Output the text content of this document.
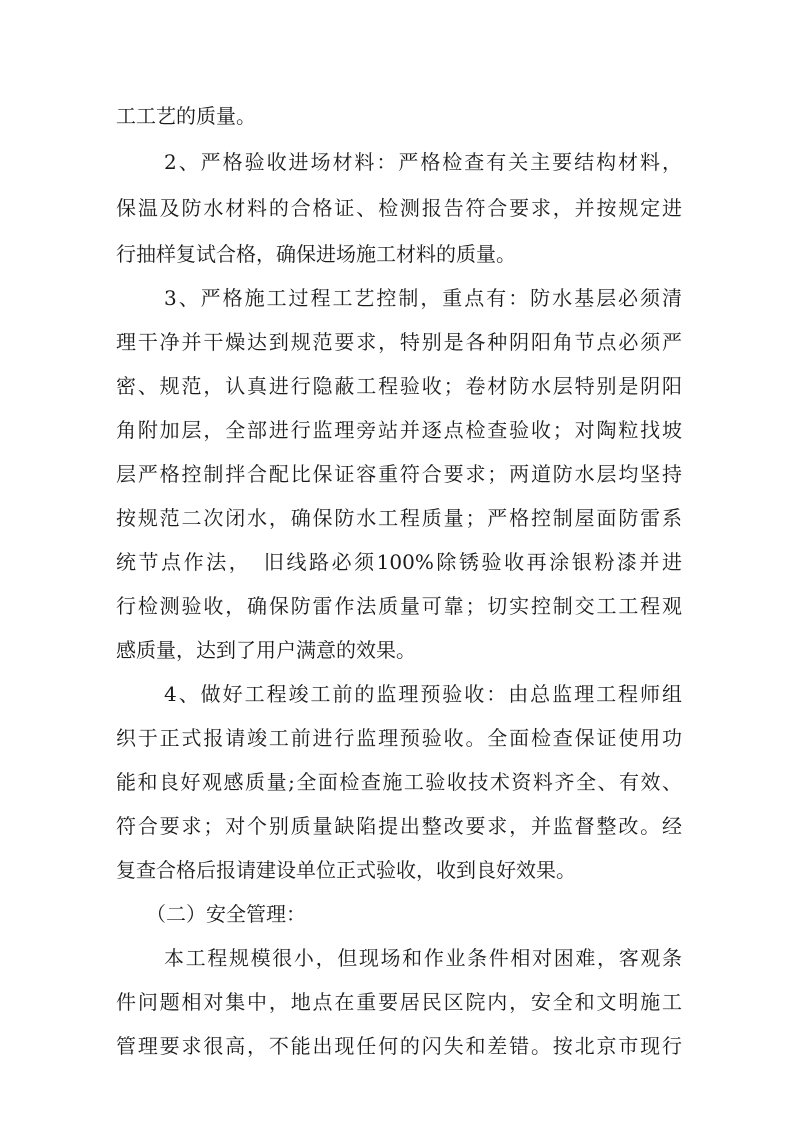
工工艺的质量。
2、严格验收进场材料：严格检查有关主要结构材料，
保温及防水材料的合格证、检测报告符合要求，并按规定进
行抽样复试合格，确保进场施工材料的质量。
3、严格施工过程工艺控制，重点有：防水基层必须清
理干净并干燥达到规范要求，特别是各种阴阳角节点必须严
密、规范，认真进行隐蔽工程验收；卷材防水层特别是阴阳
角附加层，全部进行监理旁站并逐点检查验收；对陶粒找坡
层严格控制拌合配比保证容重符合要求；两道防水层均坚持
按规范二次闭水，确保防水工程质量；严格控制屋面防雷系
统节点作法，　旧线路必须100%除锈验收再涂银粉漆并进
行检测验收，确保防雷作法质量可靠；切实控制交工工程观
感质量，达到了用户满意的效果。
4、做好工程竣工前的监理预验收：由总监理工程师组
织于正式报请竣工前进行监理预验收。全面检查保证使用功
能和良好观感质量;全面检查施工验收技术资料齐全、有效、
符合要求；对个别质量缺陷提出整改要求，并监督整改。经
复查合格后报请建设单位正式验收，收到良好效果。
（二）安全管理：
本工程规模很小，但现场和作业条件相对困难，客观条
件问题相对集中，地点在重要居民区院内，安全和文明施工
管理要求很高，不能出现任何的闪失和差错。按北京市现行
